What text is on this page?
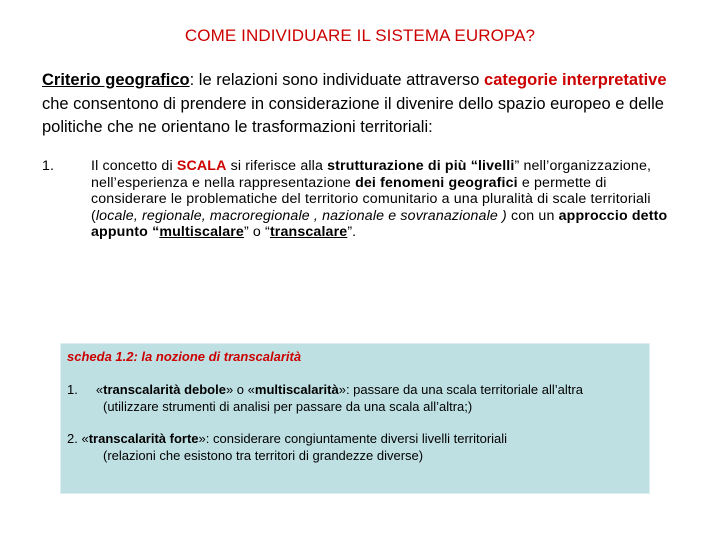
COME INDIVIDUARE IL SISTEMA EUROPA?
Criterio geografico: le relazioni sono individuate attraverso categorie interpretative che consentono di prendere in considerazione il divenire dello spazio europeo e delle politiche che ne orientano le trasformazioni territoriali:
1.	Il concetto di SCALA si riferisce alla strutturazione di più “livelli” nell’organizzazione, nell’esperienza e nella rappresentazione dei fenomeni geografici e permette di considerare le problematiche del territorio comunitario a una pluralità di scale territoriali (locale, regionale, macroregionale , nazionale e sovranazionale ) con un approccio detto appunto “multiscalare” o “transcalare”.
scheda 1.2: la nozione di transcalarità
1. «transcalarità debole» o «multiscalarità»: passare da una scala territoriale all’altra
(utilizzare strumenti di analisi per passare da una scala all’altra;)
2. «transcalarità forte»: considerare congiuntamente diversi livelli territoriali
(relazioni che esistono tra territori di grandezze diverse)
